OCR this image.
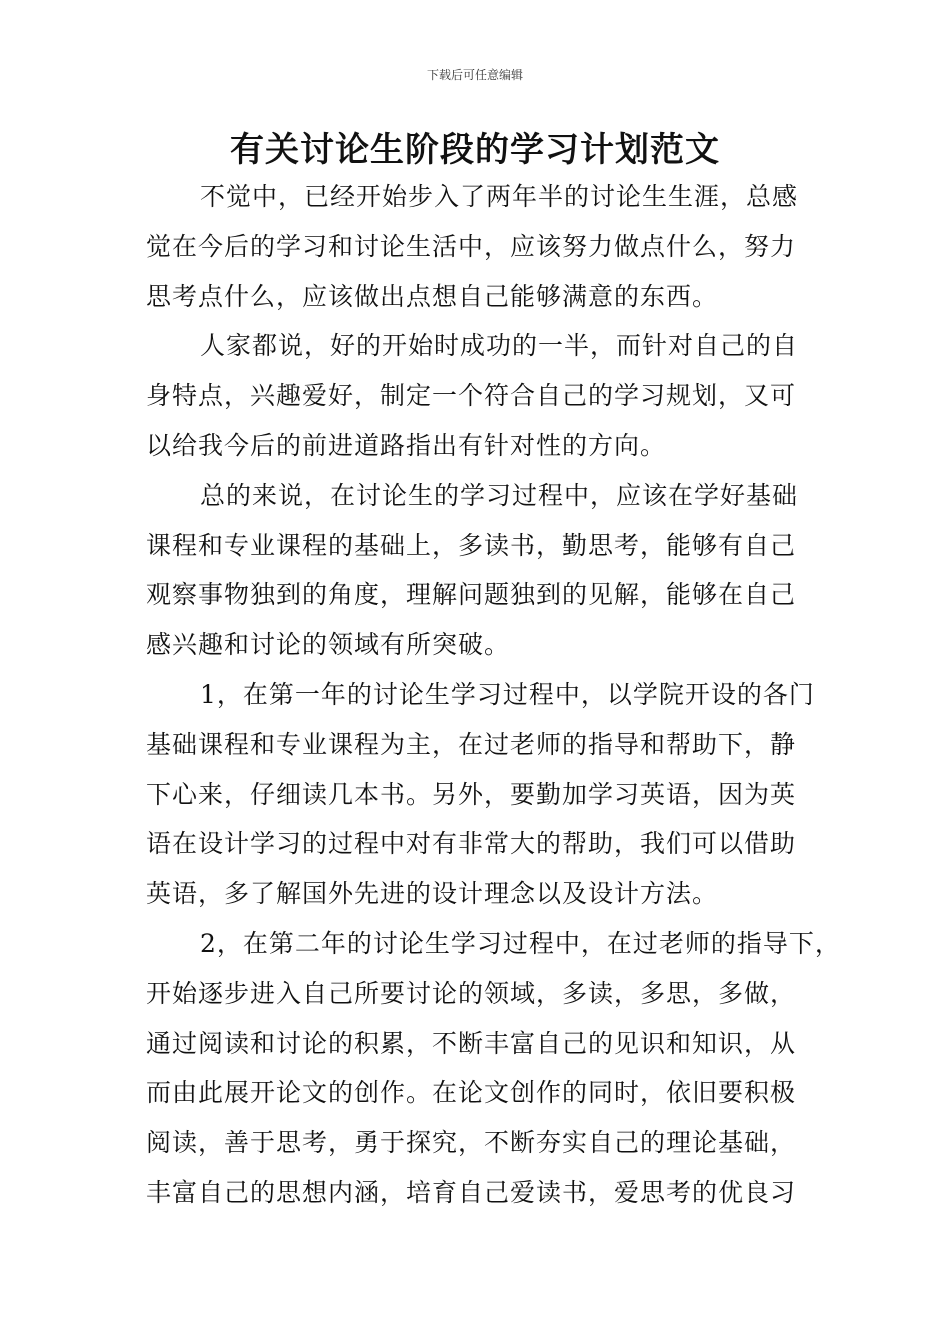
下载后可任意编辑
有关讨论生阶段的学习计划范文
不觉中，已经开始步入了两年半的讨论生生涯，总感
觉在今后的学习和讨论生活中，应该努力做点什么，努力
思考点什么，应该做出点想自己能够满意的东西。
人家都说，好的开始时成功的一半，而针对自己的自
身特点，兴趣爱好，制定一个符合自己的学习规划，又可
以给我今后的前进道路指出有针对性的方向。
总的来说，在讨论生的学习过程中，应该在学好基础
课程和专业课程的基础上，多读书，勤思考，能够有自己
观察事物独到的角度，理解问题独到的见解，能够在自己
感兴趣和讨论的领域有所突破。
1，在第一年的讨论生学习过程中，以学院开设的各门
基础课程和专业课程为主，在过老师的指导和帮助下，静
下心来，仔细读几本书。另外，要勤加学习英语，因为英
语在设计学习的过程中对有非常大的帮助，我们可以借助
英语，多了解国外先进的设计理念以及设计方法。
2，在第二年的讨论生学习过程中，在过老师的指导下，
开始逐步进入自己所要讨论的领域，多读，多思，多做，
通过阅读和讨论的积累，不断丰富自己的见识和知识，从
而由此展开论文的创作。在论文创作的同时，依旧要积极
阅读，善于思考，勇于探究，不断夯实自己的理论基础，
丰富自己的思想内涵，培育自己爱读书，爱思考的优良习
